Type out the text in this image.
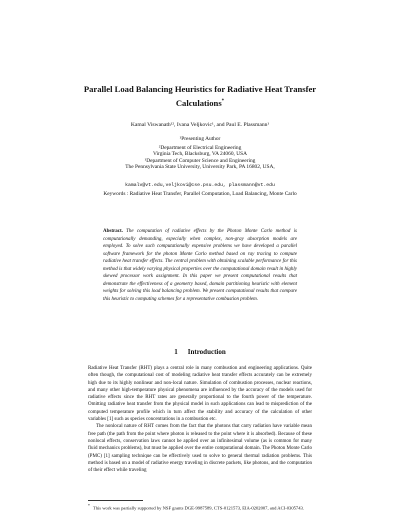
Parallel Load Balancing Heuristics for Radiative Heat Transfer Calculations*
Kamal Viswanath¹², Ivana Veljkovic¹, and Paul E. Plassmann¹
¹Presenting Author
²Department of Electrical Engineering
Virginia Tech, Blacksburg, VA 24060, USA
¹Department of Computer Science and Engineering
The Pennsylvania State University, University Park, PA 16802, USA,
kamalv@vt.edu,veljkovi@cse.psu.edu, plassmann@vt.edu
Keywords : Radiative Heat Transfer, Parallel Computation, Load Balancing, Monte Carlo
Abstract. The computation of radiative effects by the Photon Monte Carlo method is computationally demanding, especially when complex, non-gray absorption models are employed. To solve such computationally expensive problems we have developed a parallel software framework for the photon Monte Carlo method based on ray tracing to compute radiative heat transfer effects. The central problem with obtaining scalable performance for this method is that widely varying physical properties over the computational domain result in highly skewed processor work assignment. In this paper we present computational results that demonstrate the effectiveness of a geometry based, domain partitioning heuristic with element weights for solving this load balancing problem. We present computational results that compare this heuristic to computing schemes for a representative combustion problem.
1 Introduction

Radiative Heat Transfer (RHT) plays a central role in many combustion and engineering applications. Quite often though, the computational cost of modeling radiative heat transfer effects accurately can be extremely high due to its highly nonlinear and non-local nature. Simulation of combustion processes, nuclear reactions, and many other high-temperature physical phenomena are influenced by the accuracy of the models used for radiative effects since the RHT rates are generally proportional to the fourth power of the temperature. Omitting radiative heat transfer from the physical model in such applications can lead to misprediction of the computed temperature profile which in turn affect the stability and accuracy of the calculation of other variables [1] such as species concentrations in a combustion etc.

The nonlocal nature of RHT comes from the fact that the photons that carry radiation have variable mean free path (the path from the point where photon is released to the point where it is absorbed). Because of these nonlocal effects, conservation laws cannot be applied over an infinitesimal volume (as is common for many fluid mechanics problems), but must be applied over the entire computational domain. The Photon Monte Carlo (PMC) [1] sampling technique can be effectively used to solve to general thermal radiation problems. This method is based on a model of radiative energy traveling in discrete packets, like photons, and the computation of their effect while traveling

* This work was partially supported by NSF grants DGE-9987589, CTS-0121573, EIA-0202007, and ACI-0305743.
